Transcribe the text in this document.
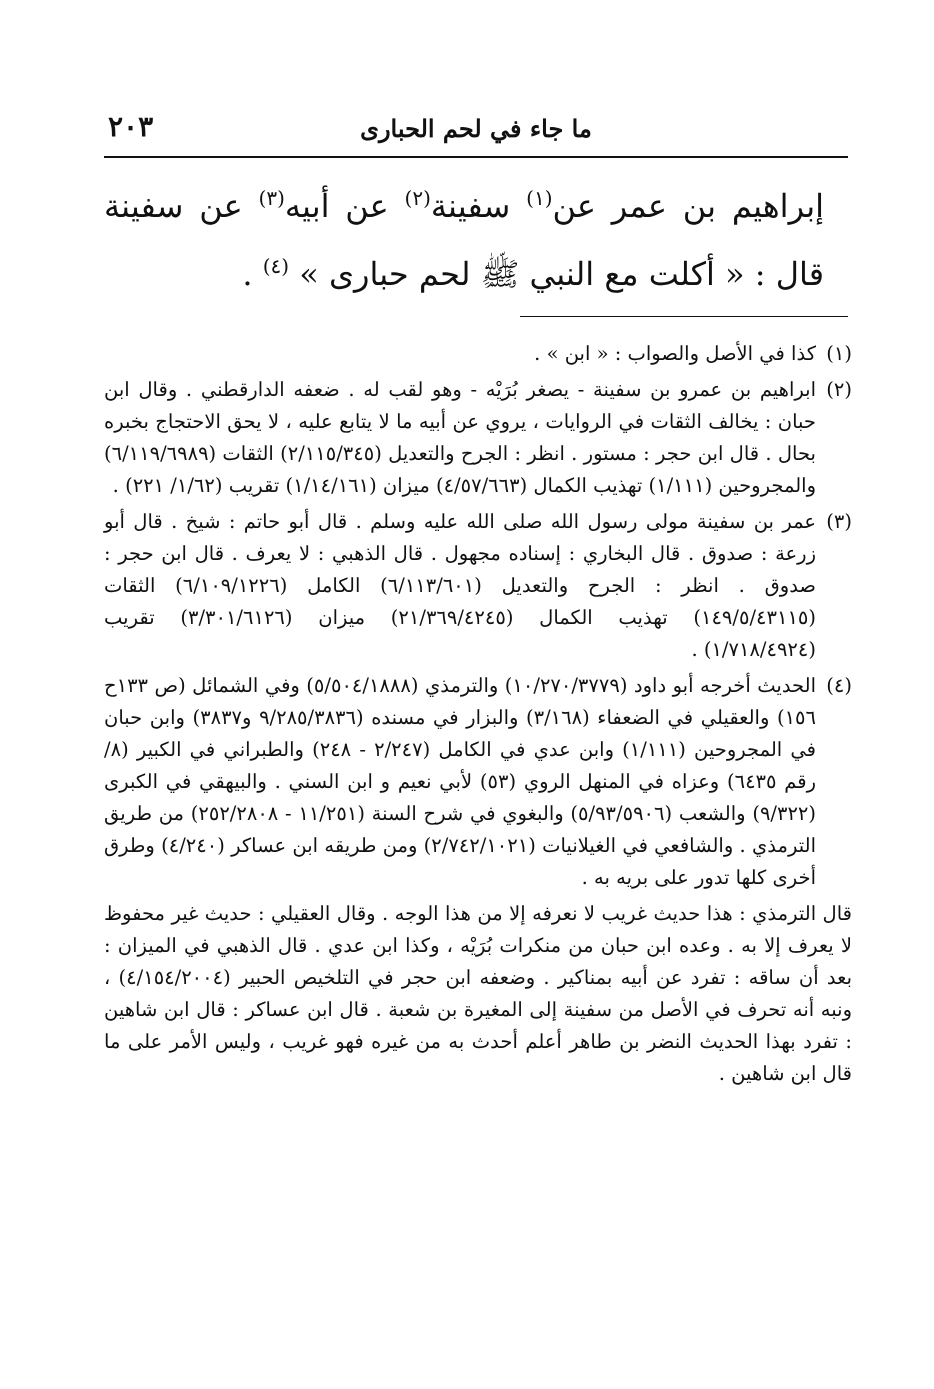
ما جاء في لحم الحبارى
٢٠٣
إبراهيم بن عمر عن$^{(١)}$ سفينة$^{(٢)}$ عن أبيه$^{(٣)}$ عن سفينة قال : « أكلت مع النبي ﷺ لحم حبارى » $^{(٤)}$ .
(١)
كذا في الأصل والصواب : « ابن » .
(٢)
ابراهيم بن عمرو بن سفينة - يصغر بُرَيْه - وهو لقب له . ضعفه الدارقطني . وقال ابن حبان : يخالف الثقات في الروايات ، يروي عن أبيه ما لا يتابع عليه ، لا يحق الاحتجاج بخبره بحال . قال ابن حجر : مستور . انظر : الجرح والتعديل (٢/١١٥/٣٤٥) الثقات (٦/١١٩/٦٩٨٩) والمجروحين (١/١١١) تهذيب الكمال (٤/٥٧/٦٦٣) ميزان (١/١٤/١٦١) تقريب (١/٦٢/ ٢٢١) .
(٣)
عمر بن سفينة مولى رسول الله صلى الله عليه وسلم . قال أبو حاتم : شيخ . قال أبو زرعة : صدوق . قال البخاري : إسناده مجهول . قال الذهبي : لا يعرف . قال ابن حجر : صدوق . انظر : الجرح والتعديل (٦/١١٣/٦٠١) الكامل (٦/١٠٩/١٢٢٦) الثقات (١٤٩/٥/٤٣١١٥) تهذيب الكمال (٢١/٣٦٩/٤٢٤٥) ميزان (٣/٣٠١/٦١٢٦) تقريب (١/٧١٨/٤٩٢٤) .
(٤)
الحديث أخرجه أبو داود (١٠/٢٧٠/٣٧٧٩) والترمذي (٥/٥٠٤/١٨٨٨) وفي الشمائل (ص ١٣٣ح ١٥٦) والعقيلي في الضعفاء (٣/١٦٨) والبزار في مسنده (٩/٢٨٥/٣٨٣٦ و٣٨٣٧) وابن حبان في المجروحين (١/١١١) وابن عدي في الكامل (٢/٢٤٧ - ٢٤٨) والطبراني في الكبير (٨/رقم ٦٤٣٥) وعزاه في المنهل الروي (٥٣) لأبي نعيم و ابن السني . والبيهقي في الكبرى (٩/٣٢٢) والشعب (٥/٩٣/٥٩٠٦) والبغوي في شرح السنة (١١/٢٥١ - ٢٥٢/٢٨٠٨) من طريق الترمذي . والشافعي في الغيلانيات (٢/٧٤٢/١٠٢١) ومن طريقه ابن عساكر (٤/٢٤٠) وطرق أخرى كلها تدور على بريه به .
قال الترمذي : هذا حديث غريب لا نعرفه إلا من هذا الوجه . وقال العقيلي : حديث غير محفوظ لا يعرف إلا به . وعده ابن حبان من منكرات بُرَيْه ، وكذا ابن عدي . قال الذهبي في الميزان : بعد أن ساقه : تفرد عن أبيه بمناكير . وضعفه ابن حجر في التلخيص الحبير (٤/١٥٤/٢٠٠٤) ، ونبه أنه تحرف في الأصل من سفينة إلى المغيرة بن شعبة . قال ابن عساكر : قال ابن شاهين : تفرد بهذا الحديث النضر بن طاهر أعلم أحدث به من غيره فهو غريب ، وليس الأمر على ما قال ابن شاهين .
